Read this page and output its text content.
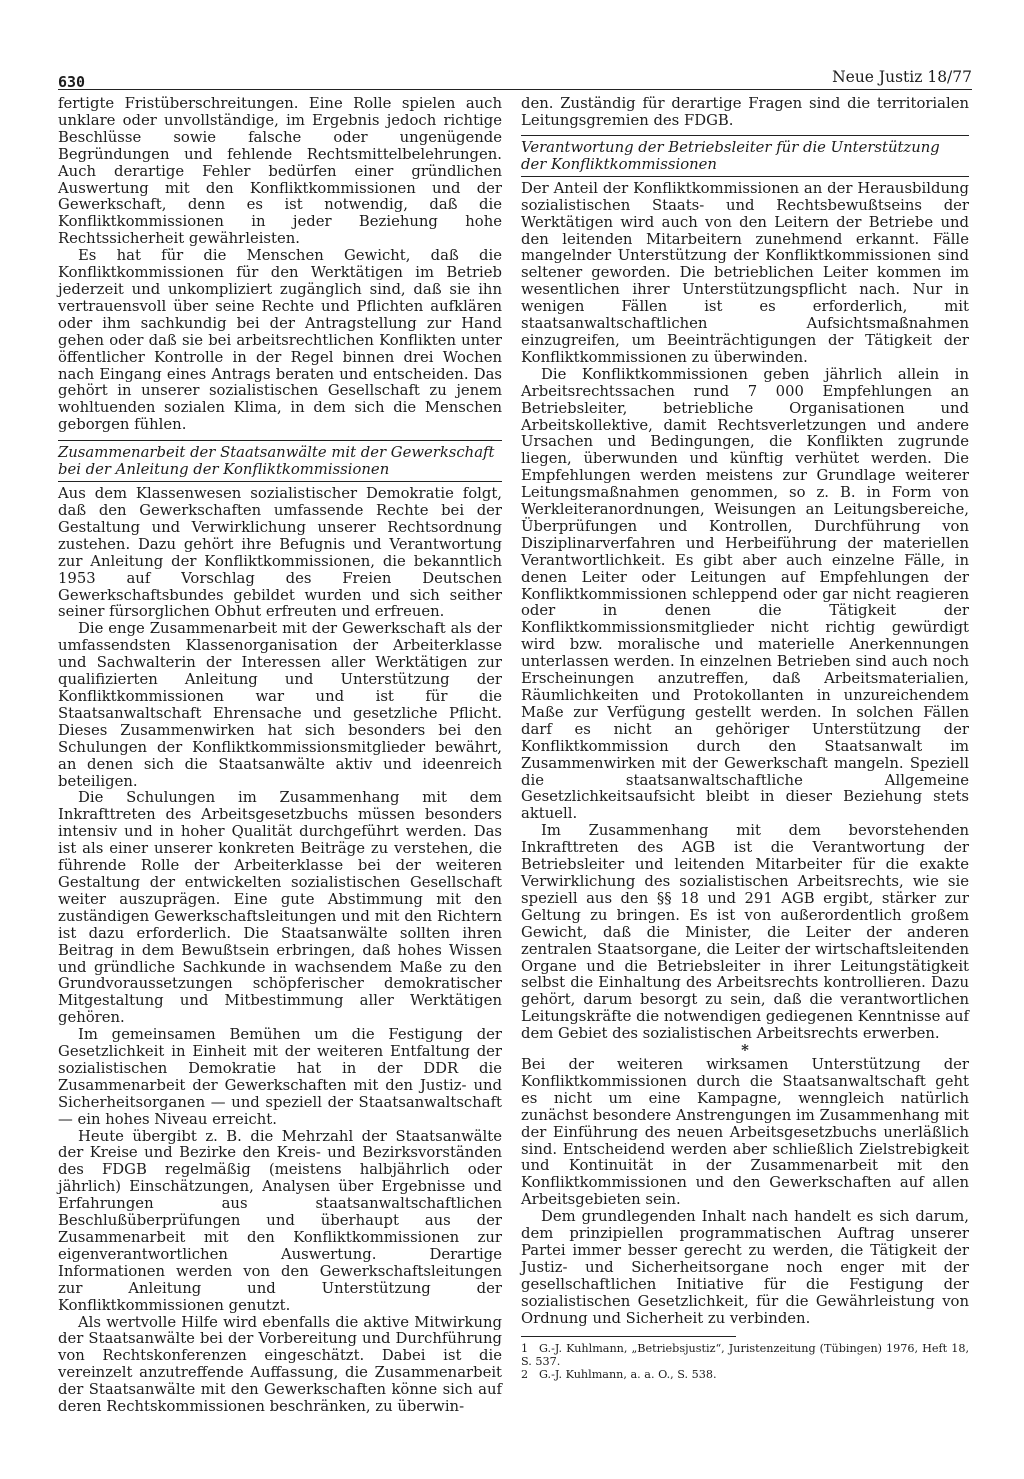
630	Neue Justiz 18/77

fertigte Fristüberschreitungen. Eine Rolle spielen auch unklare oder unvollständige, im Ergebnis jedoch richtige Beschlüsse sowie falsche oder ungenügende Begründungen und fehlende Rechtsmittelbelehrungen. Auch derartige Fehler bedürfen einer gründlichen Auswertung mit den Konfliktkommissionen und der Gewerkschaft, denn es ist notwendig, daß die Konfliktkommissionen in jeder Beziehung hohe Rechtssicherheit gewährleisten.

Es hat für die Menschen Gewicht, daß die Konfliktkommissionen für den Werktätigen im Betrieb jederzeit und unkompliziert zugänglich sind, daß sie ihn vertrauensvoll über seine Rechte und Pflichten aufklären oder ihm sachkundig bei der Antragstellung zur Hand gehen oder daß sie bei arbeitsrechtlichen Konflikten unter öffentlicher Kontrolle in der Regel binnen drei Wochen nach Eingang eines Antrags beraten und entscheiden. Das gehört in unserer sozialistischen Gesellschaft zu jenem wohltuenden sozialen Klima, in dem sich die Menschen geborgen fühlen.

Zusammenarbeit der Staatsanwälte mit der Gewerkschaft bei der Anleitung der Konfliktkommissionen

Aus dem Klassenwesen sozialistischer Demokratie folgt, daß den Gewerkschaften umfassende Rechte bei der Gestaltung und Verwirklichung unserer Rechtsordnung zustehen. Dazu gehört ihre Befugnis und Verantwortung zur Anleitung der Konfliktkommissionen, die bekanntlich 1953 auf Vorschlag des Freien Deutschen Gewerkschaftsbundes gebildet wurden und sich seither seiner fürsorglichen Obhut erfreuten und erfreuen.

Die enge Zusammenarbeit mit der Gewerkschaft als der umfassendsten Klassenorganisation der Arbeiterklasse und Sachwalterin der Interessen aller Werktätigen zur qualifizierten Anleitung und Unterstützung der Konfliktkommissionen war und ist für die Staatsanwaltschaft Ehrensache und gesetzliche Pflicht. Dieses Zusammenwirken hat sich besonders bei den Schulungen der Konfliktkommissionsmitglieder bewährt, an denen sich die Staatsanwälte aktiv und ideenreich beteiligen.

Die Schulungen im Zusammenhang mit dem Inkrafttreten des Arbeitsgesetzbuchs müssen besonders intensiv und in hoher Qualität durchgeführt werden. Das ist als einer unserer konkreten Beiträge zu verstehen, die führende Rolle der Arbeiterklasse bei der weiteren Gestaltung der entwickelten sozialistischen Gesellschaft weiter auszuprägen. Eine gute Abstimmung mit den zuständigen Gewerkschaftsleitungen und mit den Richtern ist dazu erforderlich. Die Staatsanwälte sollten ihren Beitrag in dem Bewußtsein erbringen, daß hohes Wissen und gründliche Sachkunde in wachsendem Maße zu den Grundvoraussetzungen schöpferischer demokratischer Mitgestaltung und Mitbestimmung aller Werktätigen gehören.

Im gemeinsamen Bemühen um die Festigung der Gesetzlichkeit in Einheit mit der weiteren Entfaltung der sozialistischen Demokratie hat in der DDR die Zusammenarbeit der Gewerkschaften mit den Justiz- und Sicherheitsorganen — und speziell der Staatsanwaltschaft — ein hohes Niveau erreicht.

Heute übergibt z. B. die Mehrzahl der Staatsanwälte der Kreise und Bezirke den Kreis- und Bezirksvorständen des FDGB regelmäßig (meistens halbjährlich oder jährlich) Einschätzungen, Analysen über Ergebnisse und Erfahrungen aus staatsanwaltschaftlichen Beschlußüberprüfungen und überhaupt aus der Zusammenarbeit mit den Konfliktkommissionen zur eigenverantwortlichen Auswertung. Derartige Informationen werden von den Gewerkschaftsleitungen zur Anleitung und Unterstützung der Konfliktkommissionen genutzt.

Als wertvolle Hilfe wird ebenfalls die aktive Mitwirkung der Staatsanwälte bei der Vorbereitung und Durchführung von Rechtskonferenzen eingeschätzt. Dabei ist die vereinzelt anzutreffende Auffassung, die Zusammenarbeit der Staatsanwälte mit den Gewerkschaften könne sich auf deren Rechtskommissionen beschränken, zu überwin-

den. Zuständig für derartige Fragen sind die territorialen Leitungsgremien des FDGB.

Verantwortung der Betriebsleiter für die Unterstützung der Konfliktkommissionen

Der Anteil der Konfliktkommissionen an der Herausbildung sozialistischen Staats- und Rechtsbewußtseins der Werktätigen wird auch von den Leitern der Betriebe und den leitenden Mitarbeitern zunehmend erkannt. Fälle mangelnder Unterstützung der Konfliktkommissionen sind seltener geworden. Die betrieblichen Leiter kommen im wesentlichen ihrer Unterstützungspflicht nach. Nur in wenigen Fällen ist es erforderlich, mit staatsanwaltschaftlichen Aufsichtsmaßnahmen einzugreifen, um Beeinträchtigungen der Tätigkeit der Konfliktkommissionen zu überwinden.

Die Konfliktkommissionen geben jährlich allein in Arbeitsrechtssachen rund 7 000 Empfehlungen an Betriebsleiter, betriebliche Organisationen und Arbeitskollektive, damit Rechtsverletzungen und andere Ursachen und Bedingungen, die Konflikten zugrunde liegen, überwunden und künftig verhütet werden. Die Empfehlungen werden meistens zur Grundlage weiterer Leitungsmaßnahmen genommen, so z. B. in Form von Werkleiteranordnungen, Weisungen an Leitungsbereiche, Überprüfungen und Kontrollen, Durchführung von Disziplinarverfahren und Herbeiführung der materiellen Verantwortlichkeit. Es gibt aber auch einzelne Fälle, in denen Leiter oder Leitungen auf Empfehlungen der Konfliktkommissionen schleppend oder gar nicht reagieren oder in denen die Tätigkeit der Konfliktkommissionsmitglieder nicht richtig gewürdigt wird bzw. moralische und materielle Anerkennungen unterlassen werden. In einzelnen Betrieben sind auch noch Erscheinungen anzutreffen, daß Arbeitsmaterialien, Räumlichkeiten und Protokollanten in unzureichendem Maße zur Verfügung gestellt werden. In solchen Fällen darf es nicht an gehöriger Unterstützung der Konfliktkommission durch den Staatsanwalt im Zusammenwirken mit der Gewerkschaft mangeln. Speziell die staatsanwaltschaftliche Allgemeine Gesetzlichkeitsaufsicht bleibt in dieser Beziehung stets aktuell.

Im Zusammenhang mit dem bevorstehenden Inkrafttreten des AGB ist die Verantwortung der Betriebsleiter und leitenden Mitarbeiter für die exakte Verwirklichung des sozialistischen Arbeitsrechts, wie sie speziell aus den §§ 18 und 291 AGB ergibt, stärker zur Geltung zu bringen. Es ist von außerordentlich großem Gewicht, daß die Minister, die Leiter der anderen zentralen Staatsorgane, die Leiter der wirtschaftsleitenden Organe und die Betriebsleiter in ihrer Leitungstätigkeit selbst die Einhaltung des Arbeitsrechts kontrollieren. Dazu gehört, darum besorgt zu sein, daß die verantwortlichen Leitungskräfte die notwendigen gediegenen Kenntnisse auf dem Gebiet des sozialistischen Arbeitsrechts erwerben.

*

Bei der weiteren wirksamen Unterstützung der Konfliktkommissionen durch die Staatsanwaltschaft geht es nicht um eine Kampagne, wenngleich natürlich zunächst besondere Anstrengungen im Zusammenhang mit der Einführung des neuen Arbeitsgesetzbuchs unerläßlich sind. Entscheidend werden aber schließlich Zielstrebigkeit und Kontinuität in der Zusammenarbeit mit den Konfliktkommissionen und den Gewerkschaften auf allen Arbeitsgebieten sein.

Dem grundlegenden Inhalt nach handelt es sich darum, dem prinzipiellen programmatischen Auftrag unserer Partei immer besser gerecht zu werden, die Tätigkeit der Justiz- und Sicherheitsorgane noch enger mit der gesellschaftlichen Initiative für die Festigung der sozialistischen Gesetzlichkeit, für die Gewährleistung von Ordnung und Sicherheit zu verbinden.

1 G.-J. Kuhlmann, „Betriebsjustiz“, Juristenzeitung (Tübingen) 1976, Heft 18, S. 537.

2 G.-J. Kuhlmann, a. a. O., S. 538.
